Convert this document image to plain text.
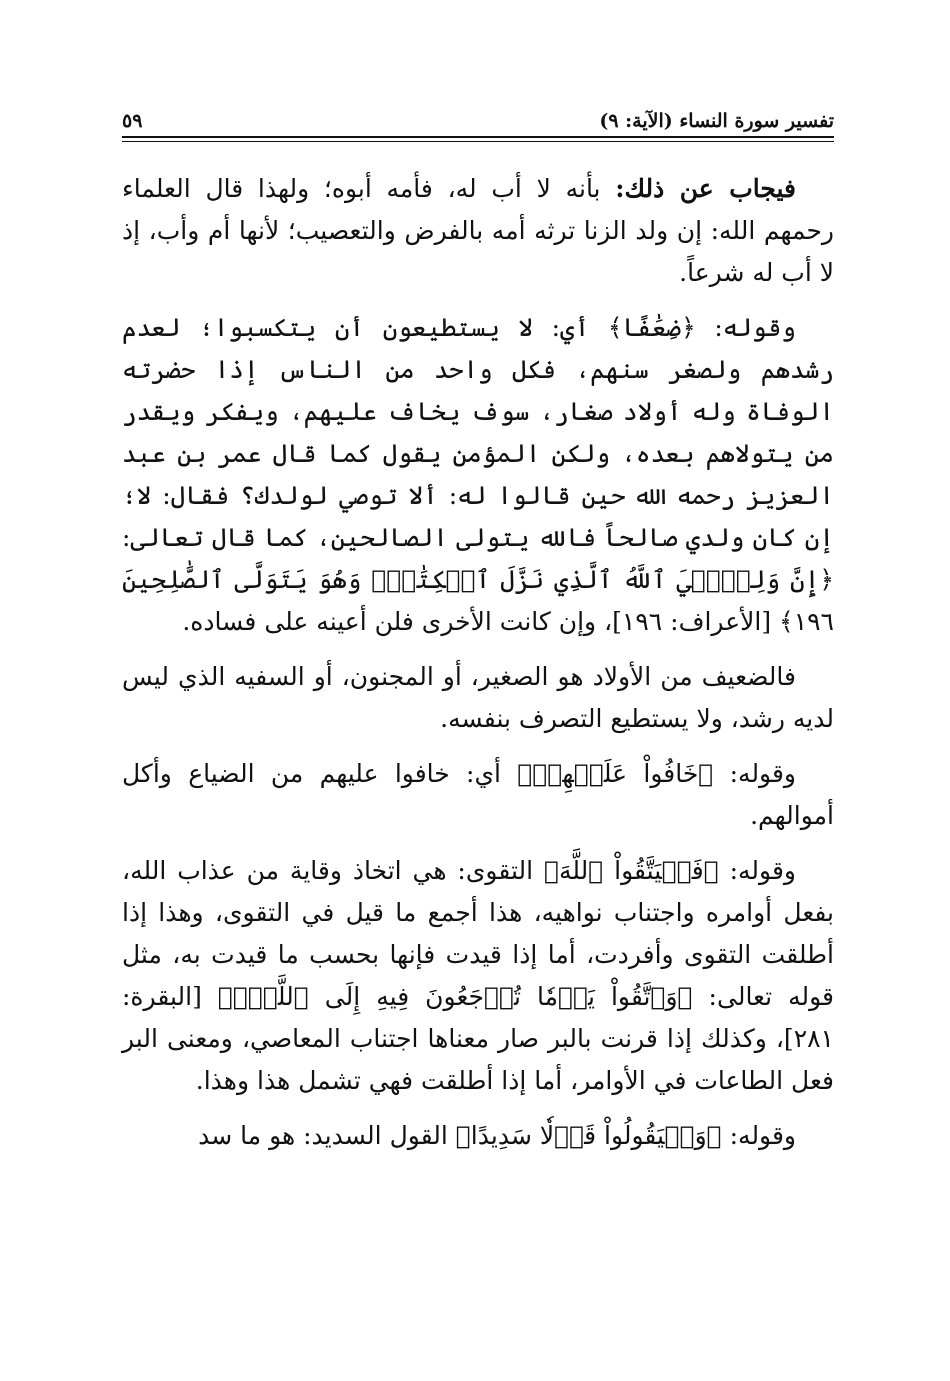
تفسير سورة النساء (الآية: ٩)
٥٩

فيجاب عن ذلك: بأنه لا أب له، فأمه أبوه؛ ولهذا قال العلماء رحمهم الله: إن ولد الزنا ترثه أمه بالفرض والتعصيب؛ لأنها أم وأب، إذ لا أب له شرعاً.

وقوله: ﴿ضِعَٰفًا﴾ أي: لا يستطيعون أن يتكسبوا؛ لعدم رشدهم ولصغر سنهم، فكل واحد من الناس إذا حضرته الوفاة وله أولاد صغار، سوف يخاف عليهم، ويفكر ويقدر من يتولاهم بعده، ولكن المؤمن يقول كما قال عمر بن عبد العزيز رحمه الله حين قالوا له: ألا توصي لولدك؟ فقال: لا؛ إن كان ولدي صالحاً فالله يتولى الصالحين، كما قال تعالى: ﴿إِنَّ وَلِـِّۧيَ ٱللَّهُ ٱلَّذِي نَزَّلَ ٱلۡكِتَٰبَۖ وَهُوَ يَتَوَلَّى ٱلصَّٰلِحِينَ ١٩٦﴾ [الأعراف: ١٩٦]، وإن كانت الأخرى فلن أعينه على فساده.

فالضعيف من الأولاد هو الصغير، أو المجنون، أو السفيه الذي ليس لديه رشد، ولا يستطيع التصرف بنفسه.

وقوله: ﴿خَافُواْ عَلَيۡهِمۡ﴾ أي: خافوا عليهم من الضياع وأكل أموالهم.

وقوله: ﴿فَلۡيَتَّقُواْ ٱللَّهَ﴾ التقوى: هي اتخاذ وقاية من عذاب الله، بفعل أوامره واجتناب نواهيه، هذا أجمع ما قيل في التقوى، وهذا إذا أطلقت التقوى وأفردت، أما إذا قيدت فإنها بحسب ما قيدت به، مثل قوله تعالى: ﴿وَٱتَّقُواْ يَوۡمٗا تُرۡجَعُونَ فِيهِ إِلَى ٱللَّهِۖ﴾ [البقرة: ٢٨١]، وكذلك إذا قرنت بالبر صار معناها اجتناب المعاصي، ومعنى البر فعل الطاعات في الأوامر، أما إذا أطلقت فهي تشمل هذا وهذا.

وقوله: ﴿وَلۡيَقُولُواْ قَوۡلٗا سَدِيدًا﴾ القول السديد: هو ما سد
